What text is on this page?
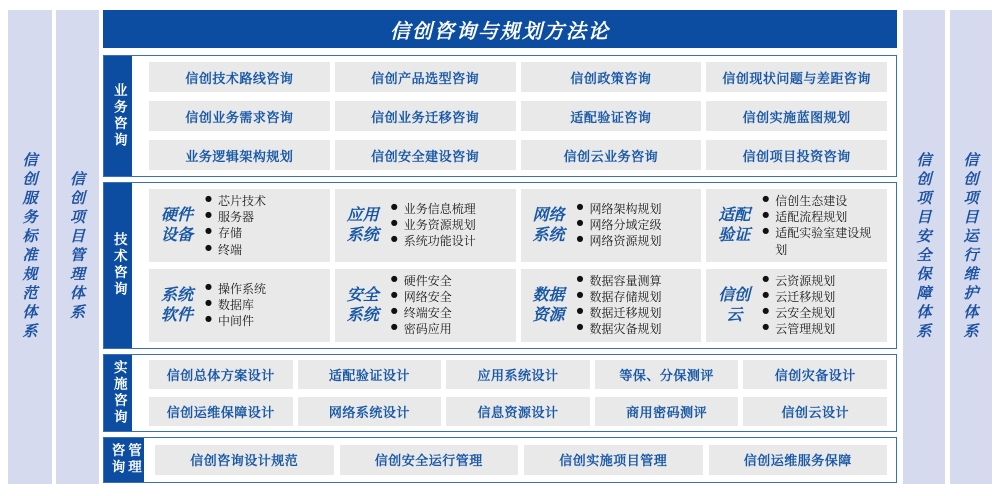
信创服务标准规范体系 信创项目管理体系	信创项目安全保障体系 信创项目运行维护体系
信创咨询与规划方法论
业务咨询
信创技术路线咨询	信创产品选型咨询	信创政策咨询	信创现状问题与差距咨询
信创业务需求咨询	信创业务迁移咨询	适配验证咨询	信创实施蓝图规划
业务逻辑架构规划	信创安全建设咨询	信创云业务咨询	信创项目投资咨询
技术咨询
硬件设备
● 芯片技术
● 服务器
● 存储
● 终端
应用系统
● 业务信息梳理
● 业务资源规划
● 系统功能设计
网络系统
● 网络架构规划
● 网络分域定级
● 网络资源规划
适配验证
● 信创生态建设
● 适配流程规划
● 适配实验室建设规划
系统软件
● 操作系统
● 数据库
● 中间件
安全系统
● 硬件安全
● 网络安全
● 终端安全
● 密码应用
数据资源
● 数据容量测算
● 数据存储规划
● 数据迁移规划
● 数据灾备规划
信创云
● 云资源规划
● 云迁移规划
● 云安全规划
● 云管理规划
实施咨询	信创总体方案设计	适配验证设计	应用系统设计	等保、分保测评	信创灾备设计
信创运维保障设计	网络系统设计	信息资源设计	商用密码测评	信创云设计
咨询 管理	信创咨询设计规范	信创安全运行管理	信创实施项目管理	信创运维服务保障
